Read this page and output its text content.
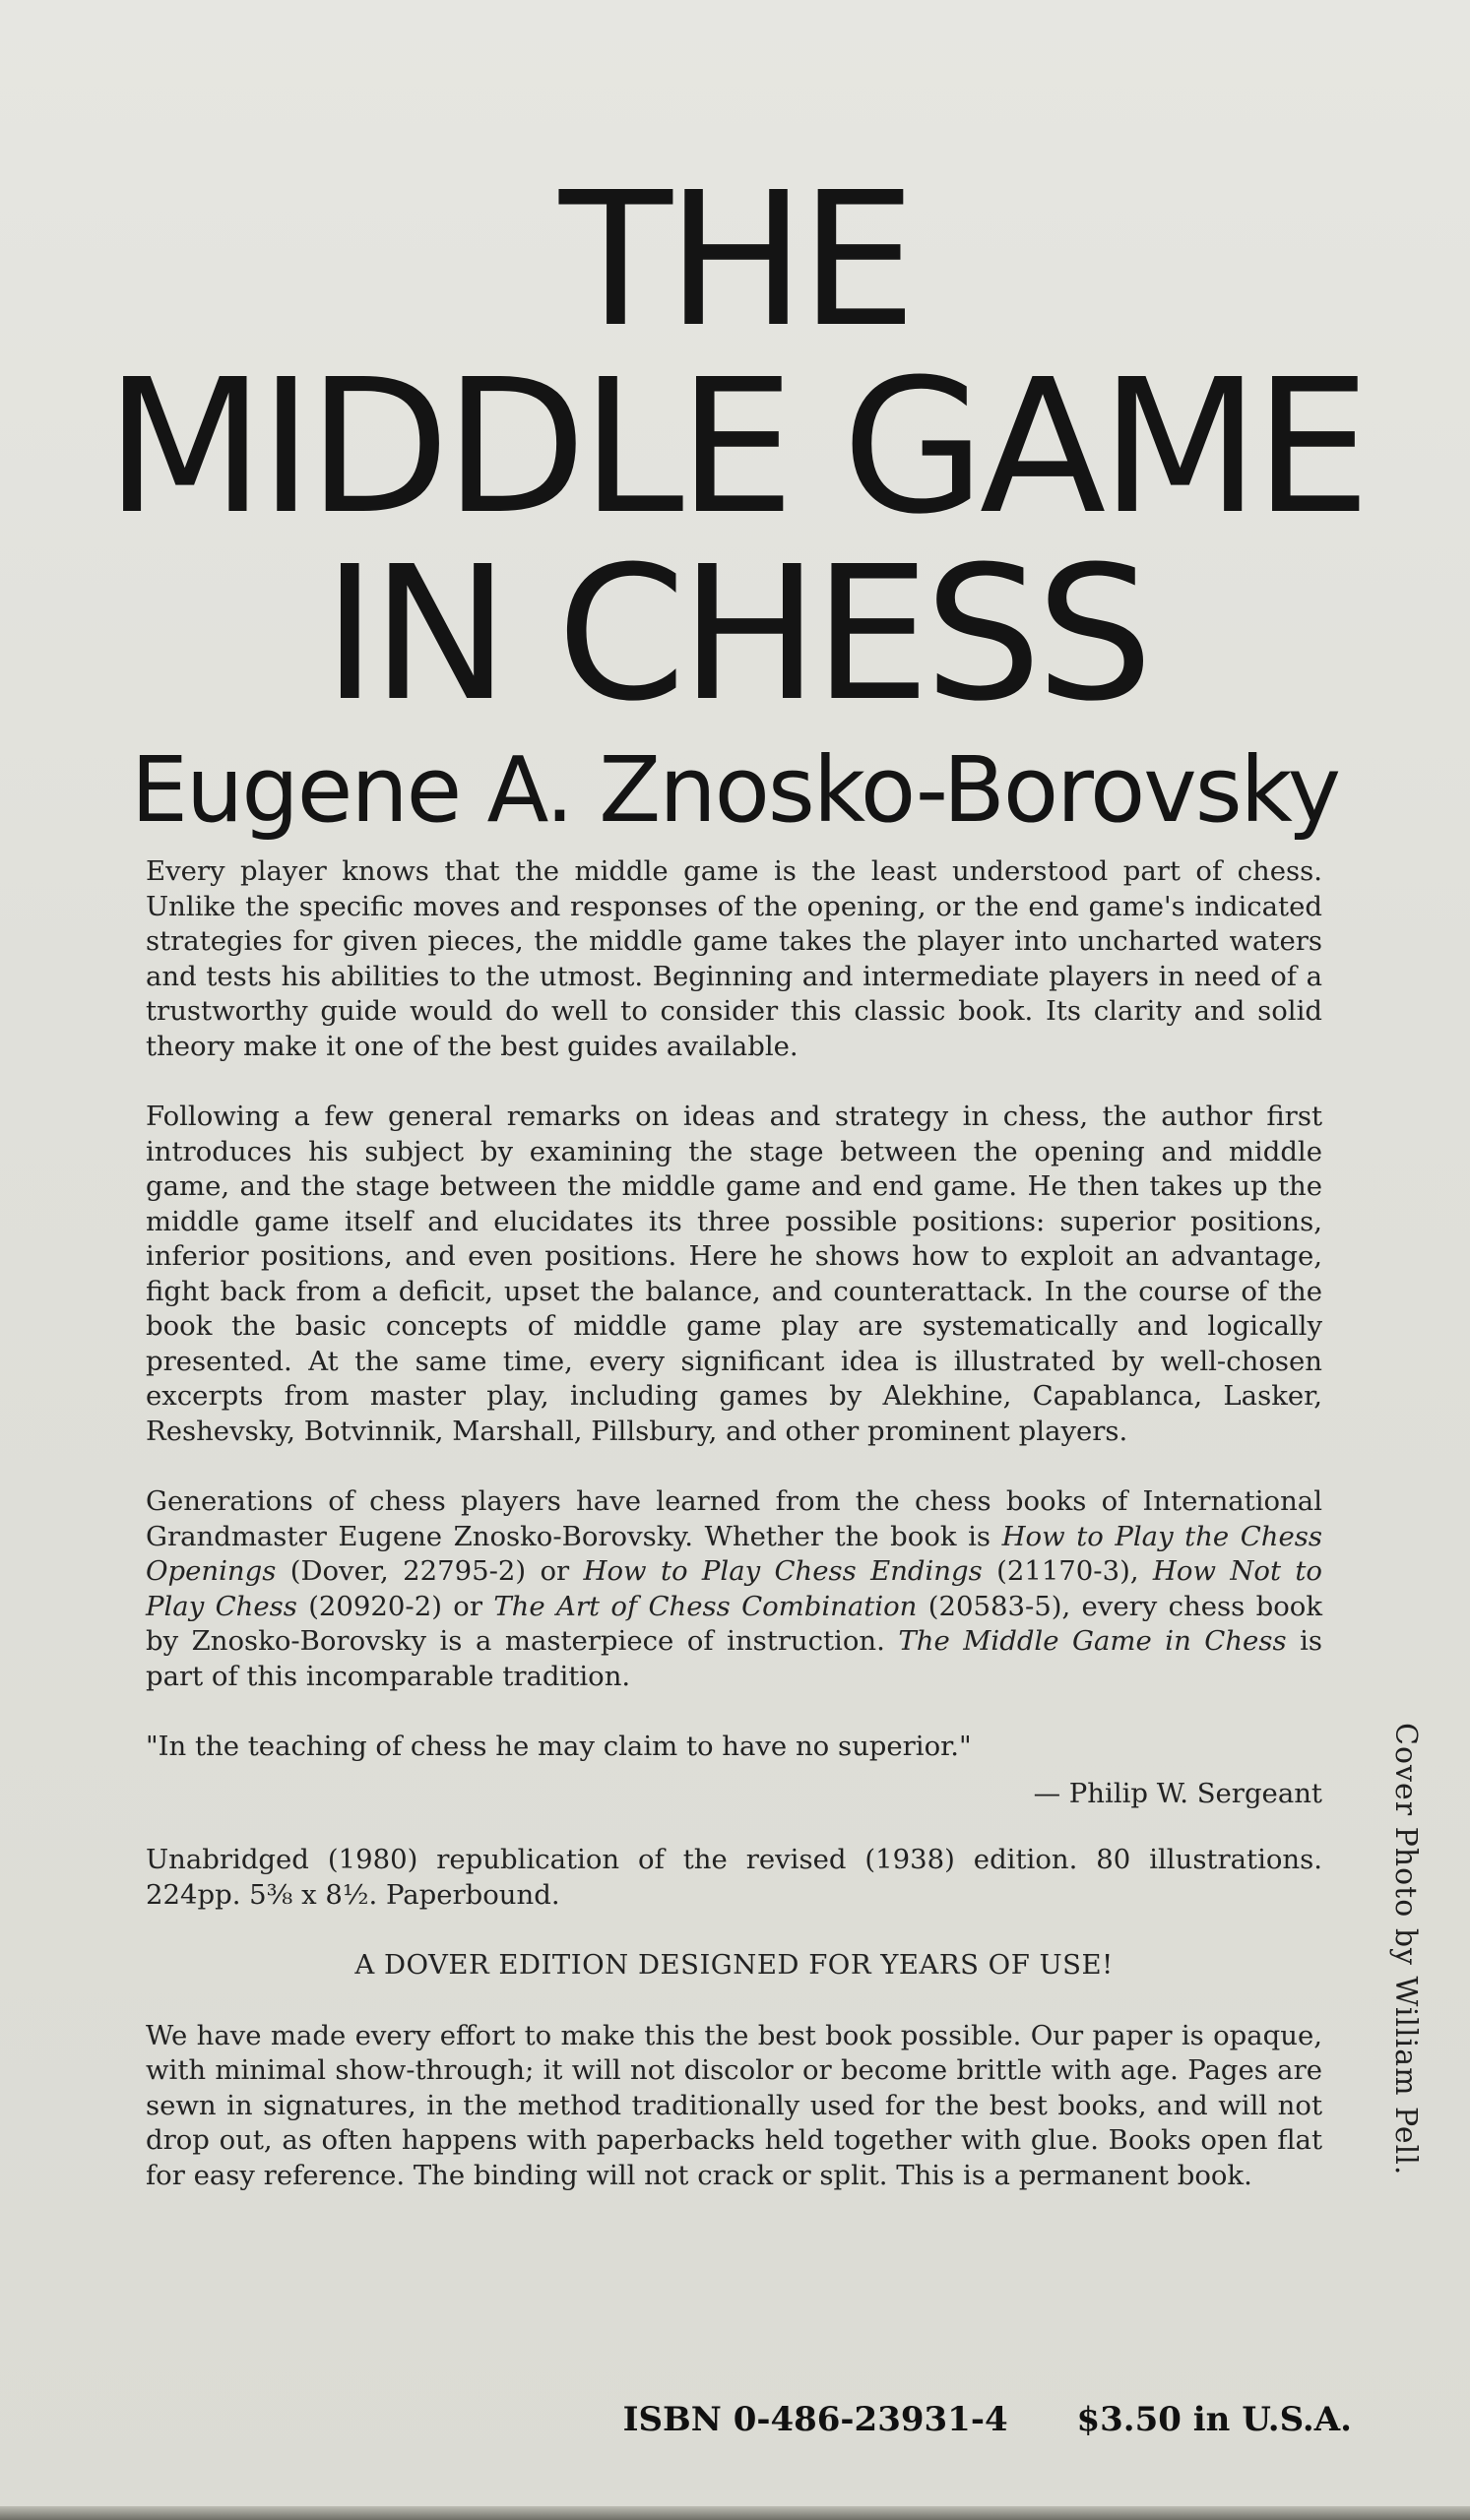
THE
MIDDLE GAME
IN CHESS
Eugene A. Znosko-Borovsky

Every player knows that the middle game is the least understood part of chess. Unlike the specific moves and responses of the opening, or the end game's indicated strategies for given pieces, the middle game takes the player into uncharted waters and tests his abilities to the utmost. Beginning and intermediate players in need of a trustworthy guide would do well to consider this classic book. Its clarity and solid theory make it one of the best guides available.

Following a few general remarks on ideas and strategy in chess, the author first introduces his subject by examining the stage between the opening and middle game, and the stage between the middle game and end game. He then takes up the middle game itself and elucidates its three possible positions: superior positions, inferior positions, and even positions. Here he shows how to exploit an advantage, fight back from a deficit, upset the balance, and counterattack. In the course of the book the basic concepts of middle game play are systematically and logically presented. At the same time, every significant idea is illustrated by well-chosen excerpts from master play, including games by Alekhine, Capablanca, Lasker, Reshevsky, Botvinnik, Marshall, Pillsbury, and other prominent players.

Generations of chess players have learned from the chess books of International Grandmaster Eugene Znosko-Borovsky. Whether the book is How to Play the Chess Openings (Dover, 22795-2) or How to Play Chess Endings (21170-3), How Not to Play Chess (20920-2) or The Art of Chess Combination (20583-5), every chess book by Znosko-Borovsky is a masterpiece of instruction. The Middle Game in Chess is part of this incomparable tradition.

"In the teaching of chess he may claim to have no superior."
— Philip W. Sergeant

Unabridged (1980) republication of the revised (1938) edition. 80 illustrations. 224pp. 5⅜ x 8½. Paperbound.

A DOVER EDITION DESIGNED FOR YEARS OF USE!

We have made every effort to make this the best book possible. Our paper is opaque, with minimal show-through; it will not discolor or become brittle with age. Pages are sewn in signatures, in the method traditionally used for the best books, and will not drop out, as often happens with paperbacks held together with glue. Books open flat for easy reference. The binding will not crack or split. This is a permanent book.	Cover Photo by William Pell.
ISBN 0-486-23931-4 $3.50 in U.S.A.
